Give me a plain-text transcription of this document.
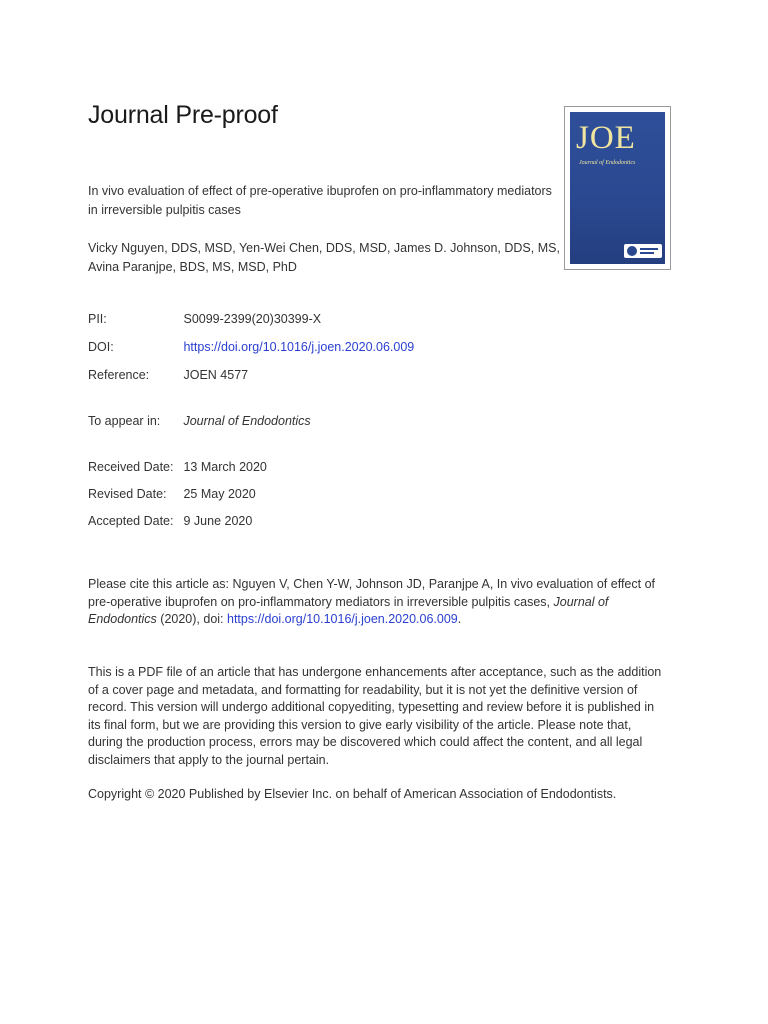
Journal Pre-proof
In vivo evaluation of effect of pre-operative ibuprofen on pro-inflammatory mediators in irreversible pulpitis cases
Vicky Nguyen, DDS, MSD, Yen-Wei Chen, DDS, MSD, James D. Johnson, DDS, MS,
Avina Paranjpe, BDS, MS, MSD, PhD
JOE
Journal of Endodontics
PII:	S0099-2399(20)30399-X
DOI:	https://doi.org/10.1016/j.joen.2020.06.009
Reference:	JOEN 4577
To appear in: Journal of Endodontics
Received Date: 13 March 2020
Revised Date: 25 May 2020
Accepted Date: 9 June 2020
Please cite this article as: Nguyen V, Chen Y-W, Johnson JD, Paranjpe A, In vivo evaluation of effect of pre-operative ibuprofen on pro-inflammatory mediators in irreversible pulpitis cases, Journal of Endodontics (2020), doi: https://doi.org/10.1016/j.joen.2020.06.009.
This is a PDF file of an article that has undergone enhancements after acceptance, such as the addition of a cover page and metadata, and formatting for readability, but it is not yet the definitive version of record. This version will undergo additional copyediting, typesetting and review before it is published in its final form, but we are providing this version to give early visibility of the article. Please note that, during the production process, errors may be discovered which could affect the content, and all legal disclaimers that apply to the journal pertain.
Copyright © 2020 Published by Elsevier Inc. on behalf of American Association of Endodontists.
